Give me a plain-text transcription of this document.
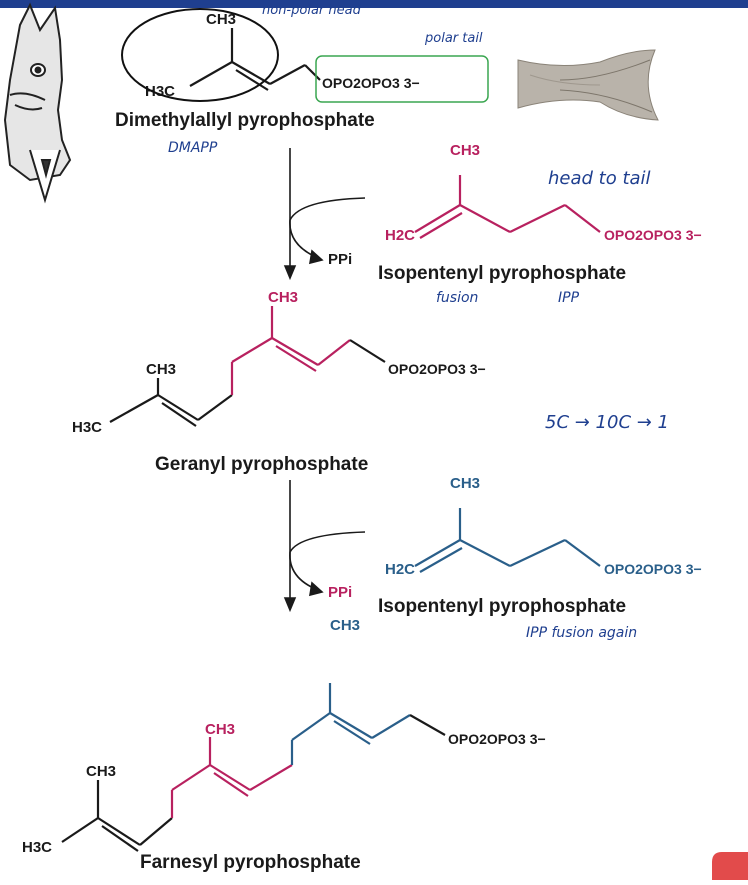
CH3
H3C	OPO2OPO3 3−
Dimethylallyl pyrophosphate
non-polar head
polar tail
DMAPP
head to tail
PPi
CH3
H2C	OPO2OPO3 3−
Isopentenyl pyrophosphate
fusion	IPP
CH3
CH3
H3C
OPO2OPO3 3−
Geranyl pyrophosphate
5C → 10C → 1
PPi
CH3
H2C	OPO2OPO3 3−
Isopentenyl pyrophosphate
IPP fusion again
CH3
CH3
CH3
H3C
OPO2OPO3 3−
Farnesyl pyrophosphate
